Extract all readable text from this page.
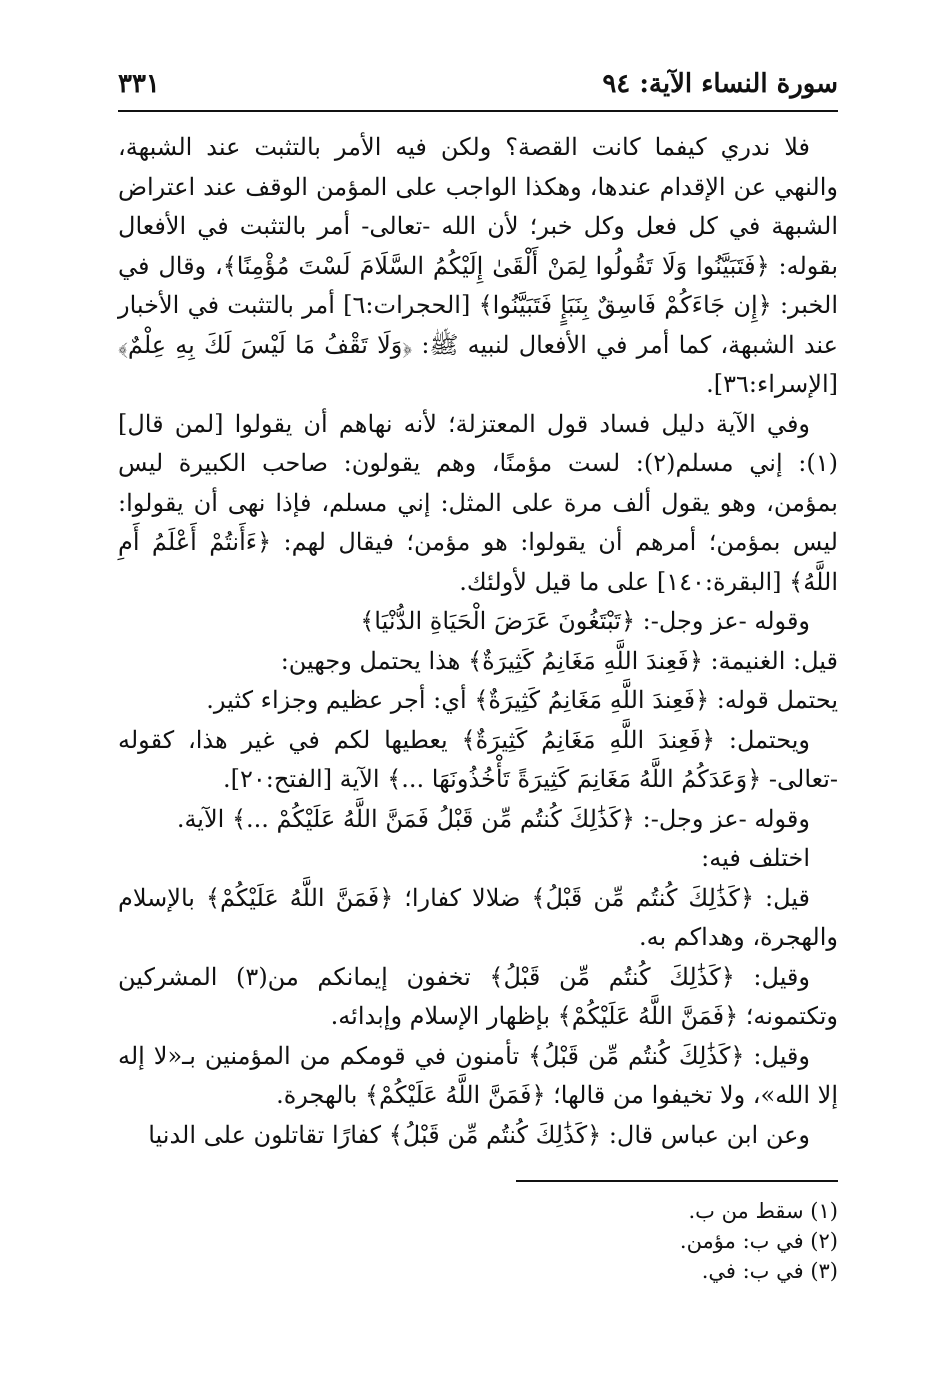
سورة النساء الآية: ٩٤
٣٣١

فلا ندري كيفما كانت القصة؟ ولكن فيه الأمر بالتثبت عند الشبهة، والنهي عن الإقدام عندها، وهكذا الواجب على المؤمن الوقف عند اعتراض الشبهة في كل فعل وكل خبر؛ لأن الله -تعالى- أمر بالتثبت في الأفعال بقوله: ﴿فَتَبَيَّنُوا وَلَا تَقُولُوا لِمَنْ أَلْقَىٰ إِلَيْكُمُ السَّلَامَ لَسْتَ مُؤْمِنًا﴾، وقال في الخبر: ﴿إِن جَاءَكُمْ فَاسِقٌ بِنَبَإٍ فَتَبَيَّنُوا﴾ [الحجرات:٦] أمر بالتثبت في الأخبار عند الشبهة، كما أمر في الأفعال لنبيه ﷺ: ﴿وَلَا تَقْفُ مَا لَيْسَ لَكَ بِهِ عِلْمٌ﴾ [الإسراء:٣٦].

وفي الآية دليل فساد قول المعتزلة؛ لأنه نهاهم أن يقولوا [لمن قال](١): إني مسلم(٢): لست مؤمنًا، وهم يقولون: صاحب الكبيرة ليس بمؤمن، وهو يقول ألف مرة على المثل: إني مسلم، فإذا نهى أن يقولوا: ليس بمؤمن؛ أمرهم أن يقولوا: هو مؤمن؛ فيقال لهم: ﴿ءَأَنتُمْ أَعْلَمُ أَمِ اللَّهُ﴾ [البقرة:١٤٠] على ما قيل لأولئك.

وقوله -عز وجل-: ﴿تَبْتَغُونَ عَرَضَ الْحَيَاةِ الدُّنْيَا﴾

قيل: الغنيمة: ﴿فَعِندَ اللَّهِ مَغَانِمُ كَثِيرَةٌ﴾ هذا يحتمل وجهين:

يحتمل قوله: ﴿فَعِندَ اللَّهِ مَغَانِمُ كَثِيرَةٌ﴾ أي: أجر عظيم وجزاء كثير.

ويحتمل: ﴿فَعِندَ اللَّهِ مَغَانِمُ كَثِيرَةٌ﴾ يعطيها لكم في غير هذا، كقوله -تعالى- ﴿وَعَدَكُمُ اللَّهُ مَغَانِمَ كَثِيرَةً تَأْخُذُونَهَا ...﴾ الآية [الفتح:٢٠].

وقوله -عز وجل-: ﴿كَذَٰلِكَ كُنتُم مِّن قَبْلُ فَمَنَّ اللَّهُ عَلَيْكُمْ ...﴾ الآية.

اختلف فيه:

قيل: ﴿كَذَٰلِكَ كُنتُم مِّن قَبْلُ﴾ ضلالا كفارا؛ ﴿فَمَنَّ اللَّهُ عَلَيْكُمْ﴾ بالإسلام والهجرة، وهداكم به.

وقيل: ﴿كَذَٰلِكَ كُنتُم مِّن قَبْلُ﴾ تخفون إيمانكم من(٣) المشركين وتكتمونه؛ ﴿فَمَنَّ اللَّهُ عَلَيْكُمْ﴾ بإظهار الإسلام وإبدائه.

وقيل: ﴿كَذَٰلِكَ كُنتُم مِّن قَبْلُ﴾ تأمنون في قومكم من المؤمنين بـ«لا إله إلا الله»، ولا تخيفوا من قالها؛ ﴿فَمَنَّ اللَّهُ عَلَيْكُمْ﴾ بالهجرة.

وعن ابن عباس قال: ﴿كَذَٰلِكَ كُنتُم مِّن قَبْلُ﴾ كفارًا تقاتلون على الدنيا

(١) سقط من ب.
(٢) في ب: مؤمن.
(٣) في ب: في.
